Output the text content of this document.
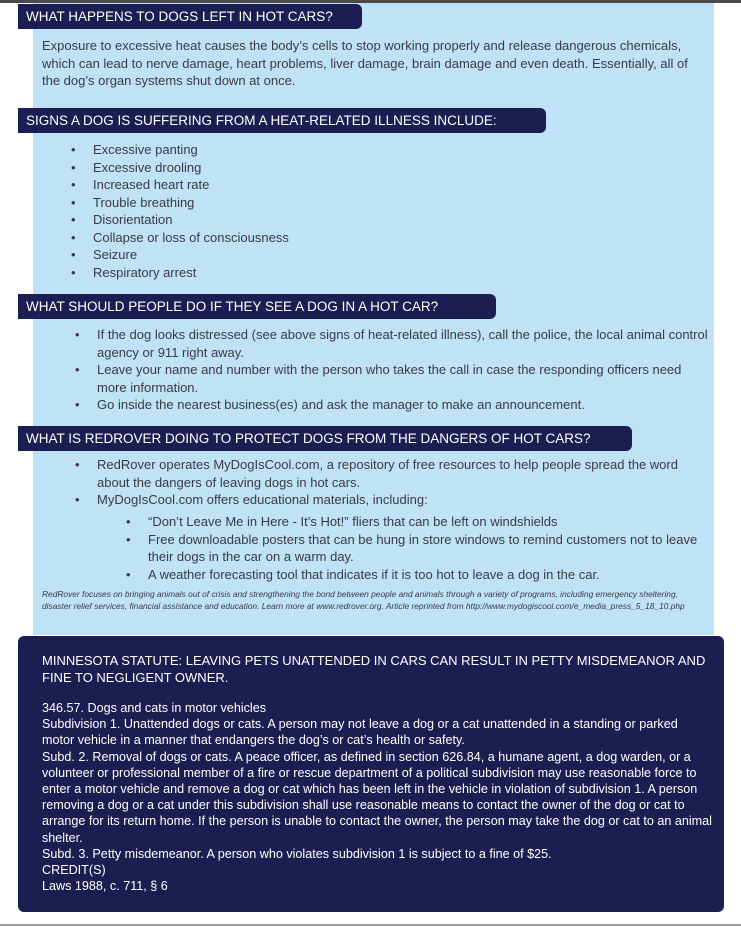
WHAT HAPPENS TO DOGS LEFT IN HOT CARS?
Exposure to excessive heat causes the body’s cells to stop working properly and release dangerous chemicals, which can lead to nerve damage, heart problems, liver damage, brain damage and even death. Essentially, all of the dog’s organ systems shut down at once.
SIGNS A DOG IS SUFFERING FROM A HEAT-RELATED ILLNESS INCLUDE:
• Excessive panting
• Excessive drooling
• Increased heart rate
• Trouble breathing
• Disorientation
• Collapse or loss of consciousness
• Seizure
• Respiratory arrest
WHAT SHOULD PEOPLE DO IF THEY SEE A DOG IN A HOT CAR?
• If the dog looks distressed (see above signs of heat-related illness), call the police, the local animal control agency or 911 right away.
• Leave your name and number with the person who takes the call in case the responding officers need more information.
• Go inside the nearest business(es) and ask the manager to make an announcement.
WHAT IS REDROVER DOING TO PROTECT DOGS FROM THE DANGERS OF HOT CARS?
• RedRover operates MyDogIsCool.com, a repository of free resources to help people spread the word about the dangers of leaving dogs in hot cars.
• MyDogIsCool.com offers educational materials, including:
• “Don’t Leave Me in Here - It’s Hot!” fliers that can be left on windshields
• Free downloadable posters that can be hung in store windows to remind customers not to leave their dogs in the car on a warm day.
• A weather forecasting tool that indicates if it is too hot to leave a dog in the car.
RedRover focuses on bringing animals out of crisis and strengthening the bond between people and animals through a variety of programs, including emergency sheltering, disaster relief services, financial assistance and education. Learn more at www.redrover.org. Article reprinted from http://www.mydogiscool.com/e_media_press_5_18_10.php
MINNESOTA STATUTE: LEAVING PETS UNATTENDED IN CARS CAN RESULT IN PETTY MISDEMEANOR AND FINE TO NEGLIGENT OWNER.
346.57. Dogs and cats in motor vehicles
Subdivision 1. Unattended dogs or cats. A person may not leave a dog or a cat unattended in a standing or parked motor vehicle in a manner that endangers the dog’s or cat’s health or safety.
Subd. 2. Removal of dogs or cats. A peace officer, as defined in section 626.84, a humane agent, a dog warden, or a volunteer or professional member of a fire or rescue department of a political subdivision may use reasonable force to enter a motor vehicle and remove a dog or cat which has been left in the vehicle in violation of subdivision 1. A person removing a dog or a cat under this subdivision shall use reasonable means to contact the owner of the dog or cat to arrange for its return home. If the person is unable to contact the owner, the person may take the dog or cat to an animal shelter.
Subd. 3. Petty misdemeanor. A person who violates subdivision 1 is subject to a fine of $25.
CREDIT(S)
Laws 1988, c. 711, § 6
